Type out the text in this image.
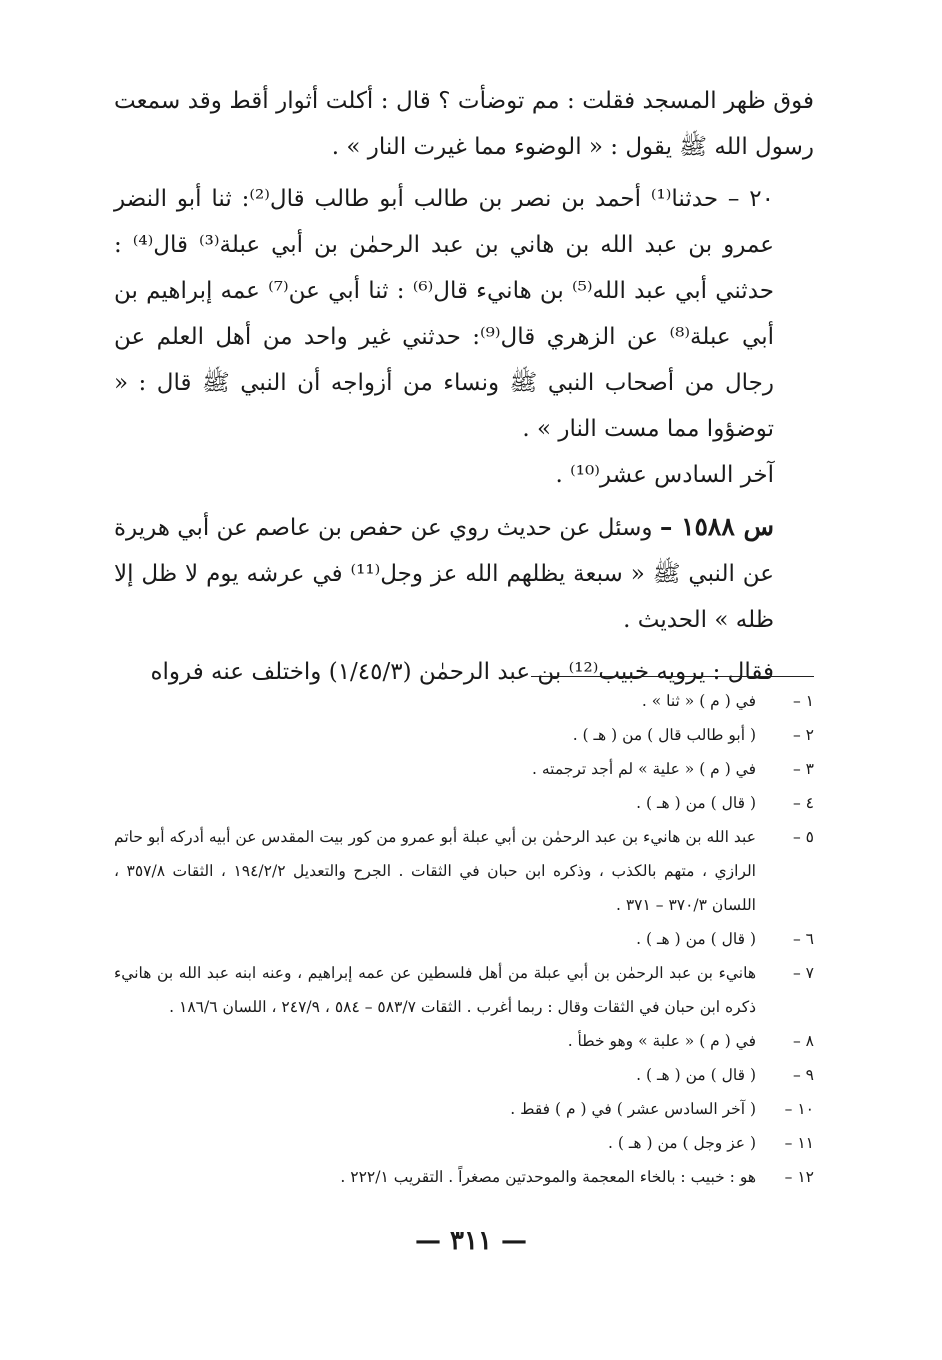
فوق ظهر المسجد فقلت : مم توضأت ؟ قال : أكلت أثوار أقط وقد سمعت رسول الله ﷺ يقول : « الوضوء مما غيرت النار » .

٢٠ – حدثنا⁽¹⁾ أحمد بن نصر بن طالب أبو طالب قال⁽²⁾: ثنا أبو النضر عمرو بن عبد الله بن هاني بن عبد الرحمٰن بن أبي عبلة⁽³⁾ قال⁽⁴⁾ : حدثني أبي عبد الله⁽⁵⁾ بن هانيء قال⁽⁶⁾ : ثنا أبي عن⁽⁷⁾ عمه إبراهيم بن أبي عبلة⁽⁸⁾ عن الزهري قال⁽⁹⁾: حدثني غير واحد من أهل العلم عن رجال من أصحاب النبي ﷺ ونساء من أزواجه أن النبي ﷺ قال : « توضؤوا مما مست النار » .

آخر السادس عشر⁽¹⁰⁾ .

س ١٥٨٨ – وسئل عن حديث روي عن حفص بن عاصم عن أبي هريرة عن النبي ﷺ « سبعة يظلهم الله عز وجل⁽¹¹⁾ في عرشه يوم لا ظل إلا ظله » الحديث .

فقال : يرويه خبيب⁽¹²⁾ بن عبد الرحمٰن (١/٤٥/٣) واختلف عنه فرواه

١ –
في ( م ) « ثنا » .
٢ –
( أبو طالب قال ) من ( هـ ) .
٣ –
في ( م ) « علية » لم أجد ترجمته .
٤ –
( قال ) من ( هـ ) .
٥ –
عبد الله بن هانيء بن عبد الرحمٰن بن أبي عبلة أبو عمرو من كور بيت المقدس عن أبيه أدركه أبو حاتم الرازي ، متهم بالكذب ، وذكره ابن حبان في الثقات . الجرح والتعديل ١٩٤/٢/٢ ، الثقات ٣٥٧/٨ ، اللسان ٣٧٠/٣ – ٣٧١ .
٦ –
( قال ) من ( هـ ) .
٧ –
هانيء بن عبد الرحمٰن بن أبي عبلة من أهل فلسطين عن عمه إبراهيم ، وعنه ابنه عبد الله بن هانيء ذكره ابن حبان في الثقات وقال : ربما أغرب . الثقات ٥٨٣/٧ – ٥٨٤ ، ٢٤٧/٩ ، اللسان ١٨٦/٦ .
٨ –
في ( م ) « علبة » وهو خطأ .
٩ –
( قال ) من ( هـ ) .
١٠ –
( آخر السادس عشر ) في ( م ) فقط .
١١ –
( عز وجل ) من ( هـ ) .
١٢ –
هو : خبيب : بالخاء المعجمة والموحدتين مصغراً . التقريب ٢٢٢/١ .
— ٣١١ —
